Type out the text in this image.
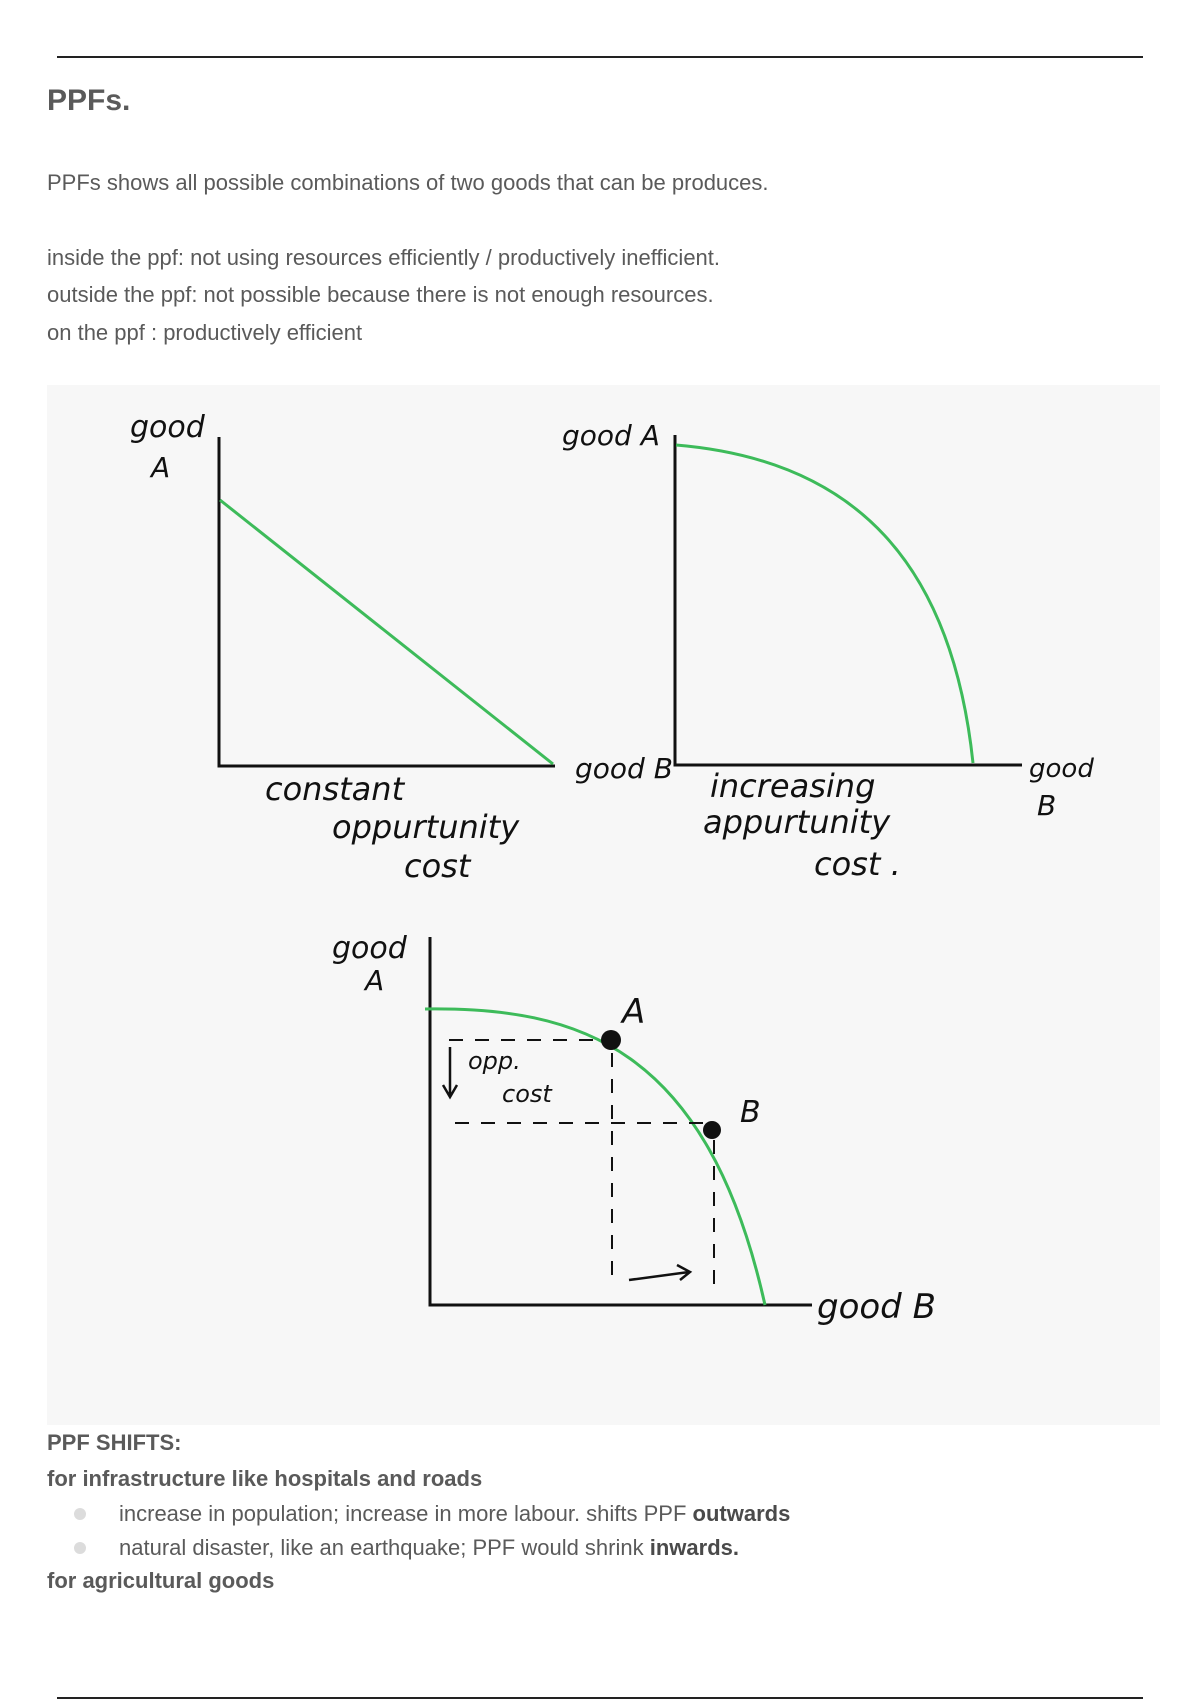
PPFs.

PPFs shows all possible combinations of two goods that can be produces.

inside the ppf: not using resources efficiently / productively inefficient.

outside the ppf: not possible because there is not enough resources.

on the ppf : productively efficient

good
A
good B
constant
oppurtunity
cost
good A
good
B
increasing
appurtunity
cost .
good
A
A
B
opp.
cost
good B

PPF SHIFTS:

for infrastructure like hospitals and roads

increase in population; increase in more labour. shifts PPF outwards
natural disaster, like an earthquake; PPF would shrink inwards.

for agricultural goods
